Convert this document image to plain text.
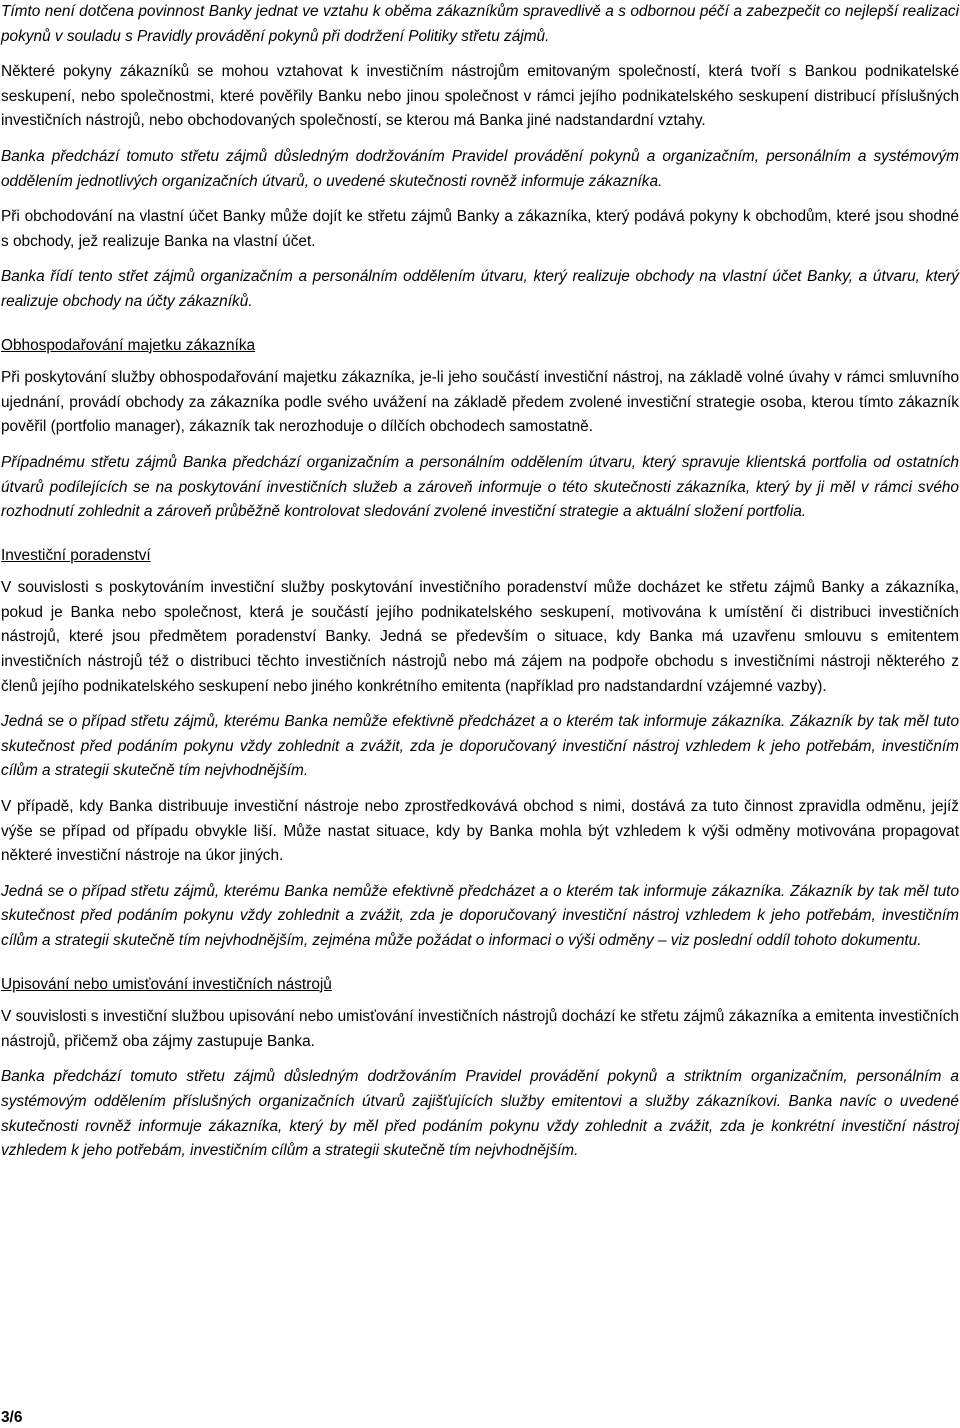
Tímto není dotčena povinnost Banky jednat ve vztahu k oběma zákazníkům spravedlivě a s odbornou péčí a zabezpečit co nejlepší realizaci pokynů v souladu s Pravidly provádění pokynů při dodržení Politiky střetu zájmů.

Některé pokyny zákazníků se mohou vztahovat k investičním nástrojům emitovaným společností, která tvoří s Bankou podnikatelské seskupení, nebo společnostmi, které pověřily Banku nebo jinou společnost v rámci jejího podnikatelského seskupení distribucí příslušných investičních nástrojů, nebo obchodovaných společností, se kterou má Banka jiné nadstandardní vztahy.

Banka předchází tomuto střetu zájmů důsledným dodržováním Pravidel provádění pokynů a organizačním, personálním a systémovým oddělením jednotlivých organizačních útvarů, o uvedené skutečnosti rovněž informuje zákazníka.

Při obchodování na vlastní účet Banky může dojít ke střetu zájmů Banky a zákazníka, který podává pokyny k obchodům, které jsou shodné s obchody, jež realizuje Banka na vlastní účet.

Banka řídí tento střet zájmů organizačním a personálním oddělením útvaru, který realizuje obchody na vlastní účet Banky, a útvaru, který realizuje obchody na účty zákazníků.

Obhospodařování majetku zákazníka

Při poskytování služby obhospodařování majetku zákazníka, je-li jeho součástí investiční nástroj, na základě volné úvahy v rámci smluvního ujednání, provádí obchody za zákazníka podle svého uvážení na základě předem zvolené investiční strategie osoba, kterou tímto zákazník pověřil (portfolio manager), zákazník tak nerozhoduje o dílčích obchodech samostatně.

Případnému střetu zájmů Banka předchází organizačním a personálním oddělením útvaru, který spravuje klientská portfolia od ostatních útvarů podílejících se na poskytování investičních služeb a zároveň informuje o této skutečnosti zákazníka, který by ji měl v rámci svého rozhodnutí zohlednit a zároveň průběžně kontrolovat sledování zvolené investiční strategie a aktuální složení portfolia.

Investiční poradenství

V souvislosti s poskytováním investiční služby poskytování investičního poradenství může docházet ke střetu zájmů Banky a zákazníka, pokud je Banka nebo společnost, která je součástí jejího podnikatelského seskupení, motivována k umístění či distribuci investičních nástrojů, které jsou předmětem poradenství Banky. Jedná se především o situace, kdy Banka má uzavřenu smlouvu s emitentem investičních nástrojů též o distribuci těchto investičních nástrojů nebo má zájem na podpoře obchodu s investičními nástroji některého z členů jejího podnikatelského seskupení nebo jiného konkrétního emitenta (například pro nadstandardní vzájemné vazby).

Jedná se o případ střetu zájmů, kterému Banka nemůže efektivně předcházet a o kterém tak informuje zákazníka. Zákazník by tak měl tuto skutečnost před podáním pokynu vždy zohlednit a zvážit, zda je doporučovaný investiční nástroj vzhledem k jeho potřebám, investičním cílům a strategii skutečně tím nejvhodnějším.

V případě, kdy Banka distribuuje investiční nástroje nebo zprostředkovává obchod s nimi, dostává za tuto činnost zpravidla odměnu, jejíž výše se případ od případu obvykle liší. Může nastat situace, kdy by Banka mohla být vzhledem k výši odměny motivována propagovat některé investiční nástroje na úkor jiných.

Jedná se o případ střetu zájmů, kterému Banka nemůže efektivně předcházet a o kterém tak informuje zákazníka. Zákazník by tak měl tuto skutečnost před podáním pokynu vždy zohlednit a zvážit, zda je doporučovaný investiční nástroj vzhledem k jeho potřebám, investičním cílům a strategii skutečně tím nejvhodnějším, zejména může požádat o informaci o výši odměny – viz poslední oddíl tohoto dokumentu.

Upisování nebo umisťování investičních nástrojů

V souvislosti s investiční službou upisování nebo umisťování investičních nástrojů dochází ke střetu zájmů zákazníka a emitenta investičních nástrojů, přičemž oba zájmy zastupuje Banka.

Banka předchází tomuto střetu zájmů důsledným dodržováním Pravidel provádění pokynů a striktním organizačním, personálním a systémovým oddělením příslušných organizačních útvarů zajišťujících služby emitentovi a služby zákazníkovi. Banka navíc o uvedené skutečnosti rovněž informuje zákazníka, který by měl před podáním pokynu vždy zohlednit a zvážit, zda je konkrétní investiční nástroj vzhledem k jeho potřebám, investičním cílům a strategii skutečně tím nejvhodnějším.

3/6
